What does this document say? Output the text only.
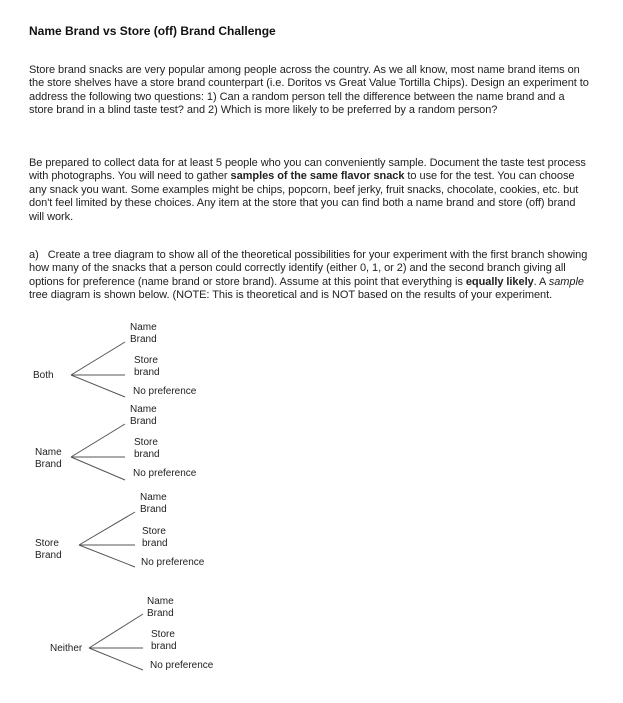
Name Brand vs Store (off) Brand Challenge
Store brand snacks are very popular among people across the country. As we all know, most name brand items on the store shelves have a store brand counterpart (i.e. Doritos vs Great Value Tortilla Chips). Design an experiment to address the following two questions: 1) Can a random person tell the difference between the name brand and a store brand in a blind taste test? and 2) Which is more likely to be preferred by a random person?
Be prepared to collect data for at least 5 people who you can conveniently sample. Document the taste test process with photographs. You will need to gather samples of the same flavor snack to use for the test. You can choose any snack you want. Some examples might be chips, popcorn, beef jerky, fruit snacks, chocolate, cookies, etc. but don't feel limited by these choices. Any item at the store that you can find both a name brand and store (off) brand will work.
a) Create a tree diagram to show all of the theoretical possibilities for your experiment with the first branch showing how many of the snacks that a person could correctly identify (either 0, 1, or 2) and the second branch giving all options for preference (name brand or store brand). Assume at this point that everything is equally likely. A sample tree diagram is shown below. (NOTE: This is theoretical and is NOT based on the results of your experiment.
Both
Name Brand
Store brand
No preference
Name Brand
Name Brand
Store brand
No preference
Store Brand
Name Brand
Store brand
No preference
Neither
Name Brand
Store brand
No preference
